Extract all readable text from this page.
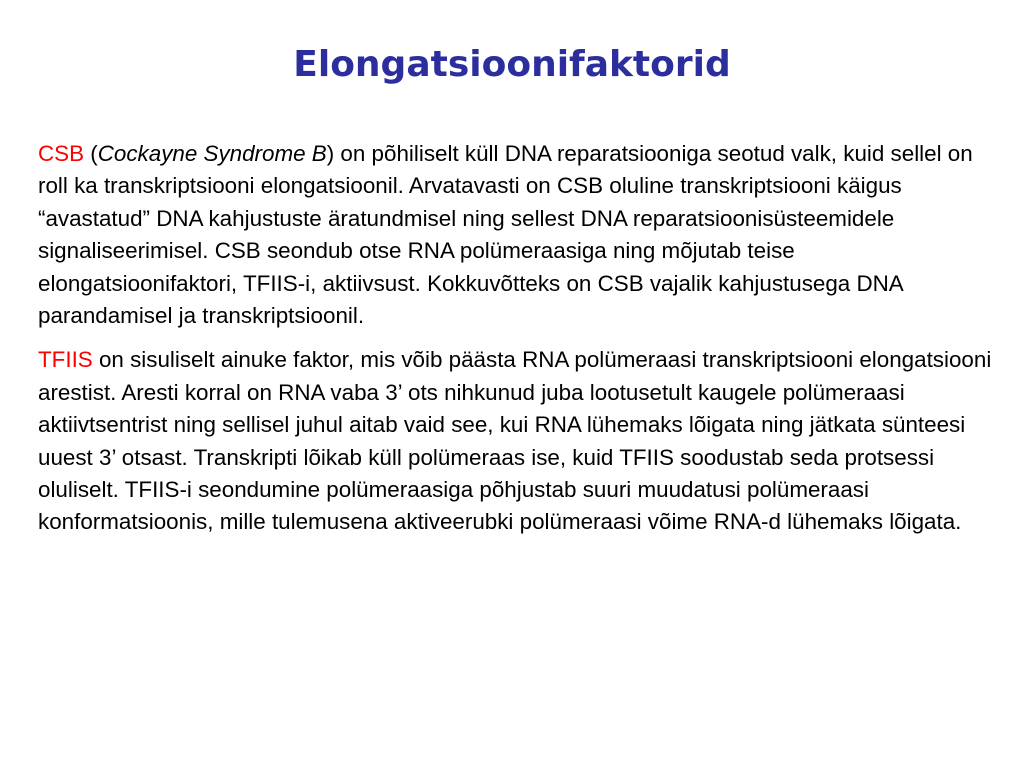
Elongatsioonifaktorid

CSB (Cockayne Syndrome B) on põhiliselt küll DNA reparatsiooniga seotud valk, kuid sellel on roll ka transkriptsiooni elongatsioonil. Arvatavasti on CSB oluline transkriptsiooni käigus “avastatud” DNA kahjustuste äratundmisel ning sellest DNA reparatsioonisüsteemidele signaliseerimisel. CSB seondub otse RNA polümeraasiga ning mõjutab teise elongatsioonifaktori, TFIIS-i, aktiivsust. Kokkuvõtteks on CSB vajalik kahjustusega DNA parandamisel ja transkriptsioonil.

TFIIS on sisuliselt ainuke faktor, mis võib päästa RNA polümeraasi transkriptsiooni elongatsiooni arestist. Aresti korral on RNA vaba 3’ ots nihkunud juba lootusetult kaugele polümeraasi aktiivtsentrist ning sellisel juhul aitab vaid see, kui RNA lühemaks lõigata ning jätkata sünteesi uuest 3’ otsast. Transkripti lõikab küll polümeraas ise, kuid TFIIS soodustab seda protsessi oluliselt. TFIIS-i seondumine polümeraasiga põhjustab suuri muudatusi polümeraasi konformatsioonis, mille tulemusena aktiveerubki polümeraasi võime RNA-d lühemaks lõigata.
